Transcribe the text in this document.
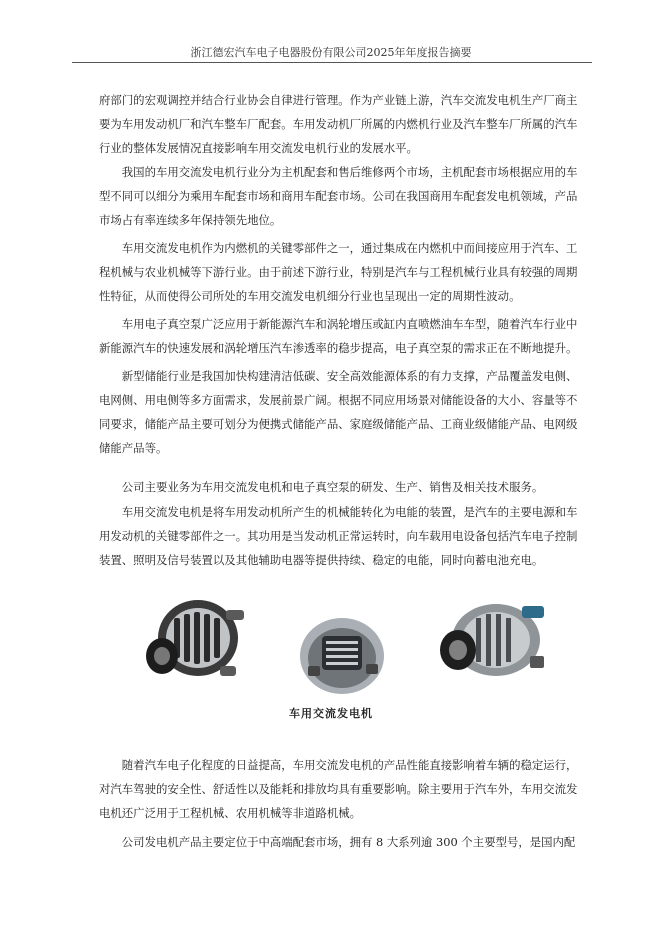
浙江德宏汽车电子电器股份有限公司2025年年度报告摘要

府部门的宏观调控并结合行业协会自律进行管理。作为产业链上游，汽车交流发电机生产厂商主
要为车用发动机厂和汽车整车厂配套。车用发动机厂所属的内燃机行业及汽车整车厂所属的汽车
行业的整体发展情况直接影响车用交流发电机行业的发展水平。

　　我国的车用交流发电机行业分为主机配套和售后维修两个市场，主机配套市场根据应用的车
型不同可以细分为乘用车配套市场和商用车配套市场。公司在我国商用车配套发电机领域，产品
市场占有率连续多年保持领先地位。

　　车用交流发电机作为内燃机的关键零部件之一，通过集成在内燃机中而间接应用于汽车、工
程机械与农业机械等下游行业。由于前述下游行业，特别是汽车与工程机械行业具有较强的周期
性特征，从而使得公司所处的车用交流发电机细分行业也呈现出一定的周期性波动。

　　车用电子真空泵广泛应用于新能源汽车和涡轮增压或缸内直喷燃油车车型，随着汽车行业中
新能源汽车的快速发展和涡轮增压汽车渗透率的稳步提高，电子真空泵的需求正在不断地提升。

　　新型储能行业是我国加快构建清洁低碳、安全高效能源体系的有力支撑，产品覆盖发电侧、
电网侧、用电侧等多方面需求，发展前景广阔。根据不同应用场景对储能设备的大小、容量等不
同要求，储能产品主要可划分为便携式储能产品、家庭级储能产品、工商业级储能产品、电网级
储能产品等。

　　公司主要业务为车用交流发电机和电子真空泵的研发、生产、销售及相关技术服务。

　　车用交流发电机是将车用发动机所产生的机械能转化为电能的装置，是汽车的主要电源和车
用发动机的关键零部件之一。其功用是当发动机正常运转时，向车载用电设备包括汽车电子控制
装置、照明及信号装置以及其他辅助电器等提供持续、稳定的电能，同时向蓄电池充电。

车用交流发电机

　　随着汽车电子化程度的日益提高，车用交流发电机的产品性能直接影响着车辆的稳定运行，
对汽车驾驶的安全性、舒适性以及能耗和排放均具有重要影响。除主要用于汽车外，车用交流发
电机还广泛用于工程机械、农用机械等非道路机械。

　　公司发电机产品主要定位于中高端配套市场，拥有 8 大系列逾 300 个主要型号，是国内配
